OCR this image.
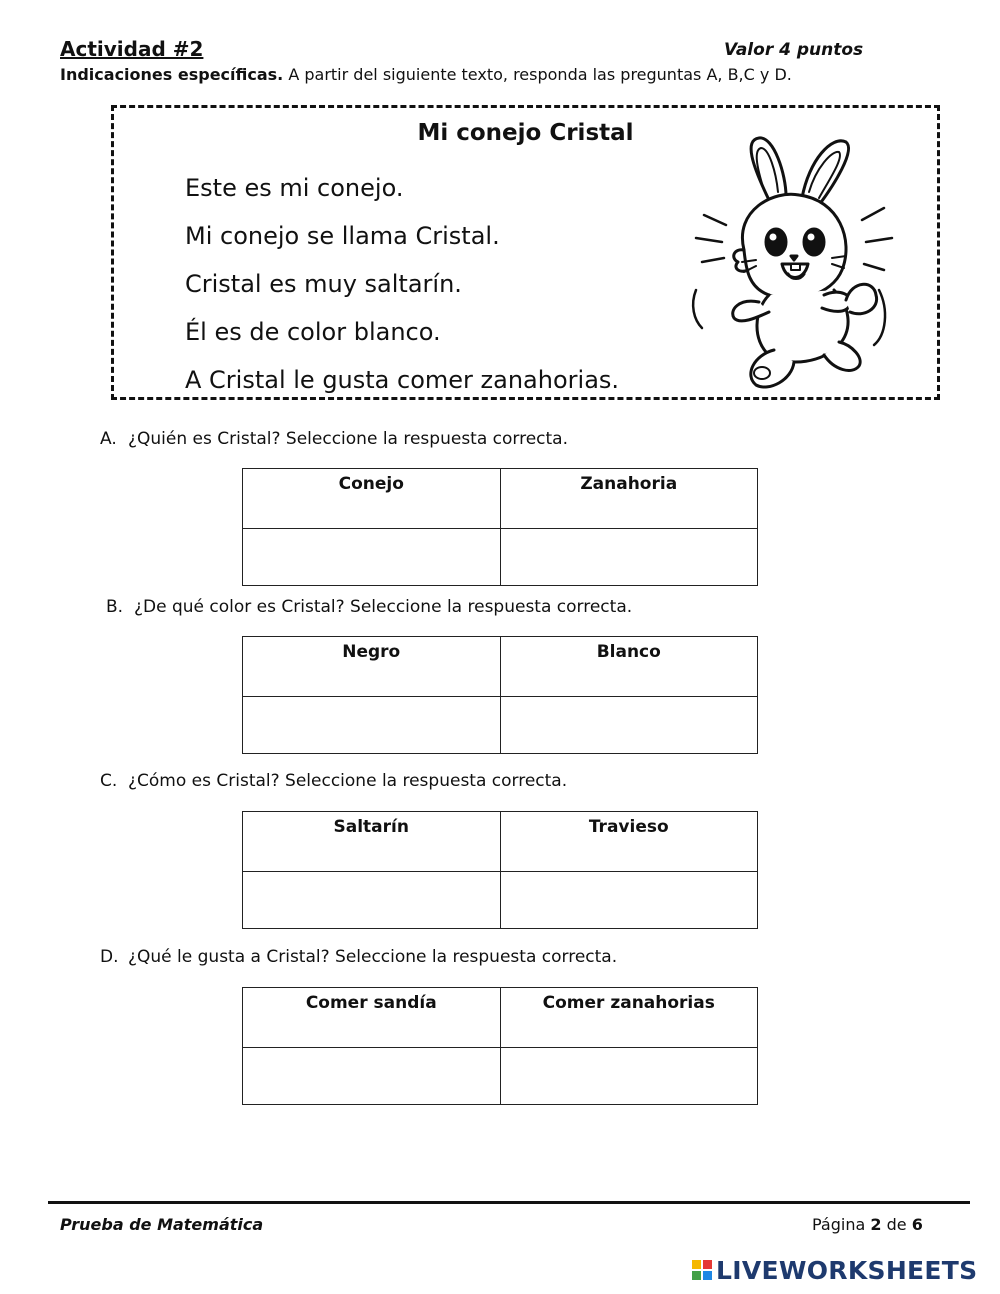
Actividad #2	Valor 4 puntos
Indicaciones específicas. A partir del siguiente texto, responda las preguntas A, B,C y D.
Mi conejo Cristal
Este es mi conejo.
Mi conejo se llama Cristal.
Cristal es muy saltarín.
Él es de color blanco.
A Cristal le gusta comer zanahorias.
A. ¿Quién es Cristal? Seleccione la respuesta correcta.
Conejo	Zanahoria

B. ¿De qué color es Cristal? Seleccione la respuesta correcta.
Negro	Blanco

C. ¿Cómo es Cristal? Seleccione la respuesta correcta.
Saltarín	Travieso

D. ¿Qué le gusta a Cristal? Seleccione la respuesta correcta.
Comer sandía	Comer zanahorias

Prueba de Matemática	Página 2 de 6
LIVEWORKSHEETS
